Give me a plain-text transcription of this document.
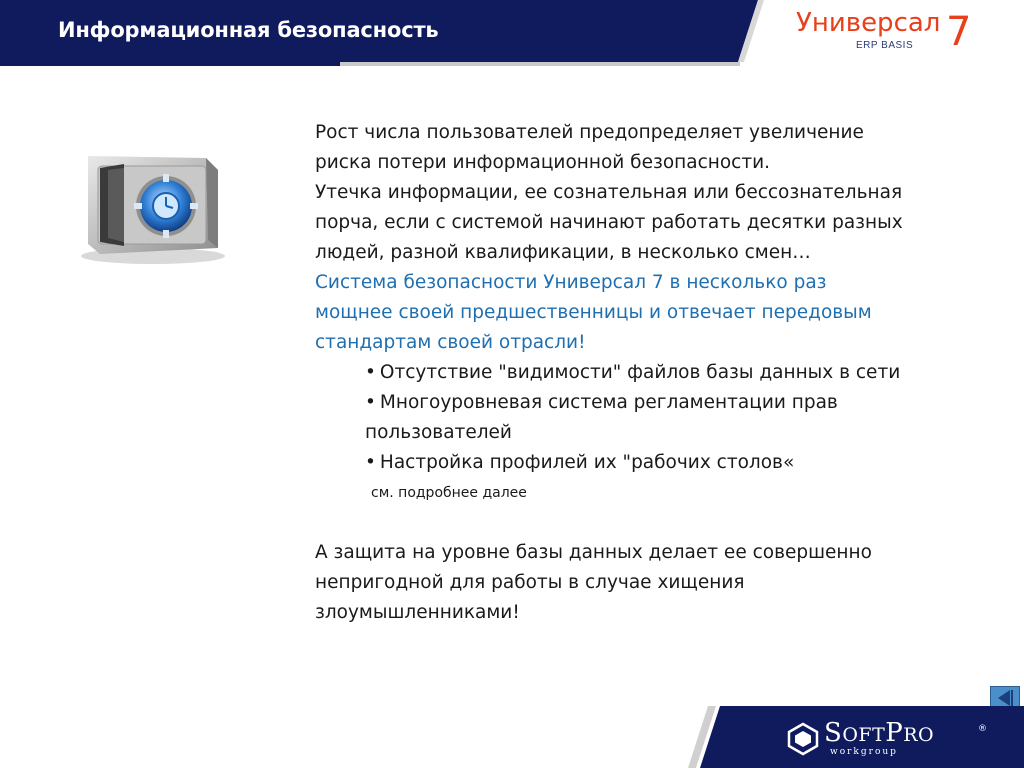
Информационная безопасность	Универсал
ERP BASIS 7

Рост числа пользователей предопределяет увеличение

риска потери информационной безопасности.

Утечка информации, ее сознательная или бессознательная

порча, если с системой начинают работать десятки разных

людей, разной квалификации, в несколько смен…

Система безопасности Универсал 7 в несколько раз

мощнее своей предшественницы и отвечает передовым

стандартам своей отрасли!

• Отсутствие "видимости" файлов базы данных в сети
• Многоуровневая система регламентации прав
пользователей
• Настройка профилей их "рабочих столов«

см. подробнее далее

А защита на уровне базы данных делает ее совершенно

непригодной для работы в случае хищения

злоумышленниками!

SOFTPRO
workgroup
®
